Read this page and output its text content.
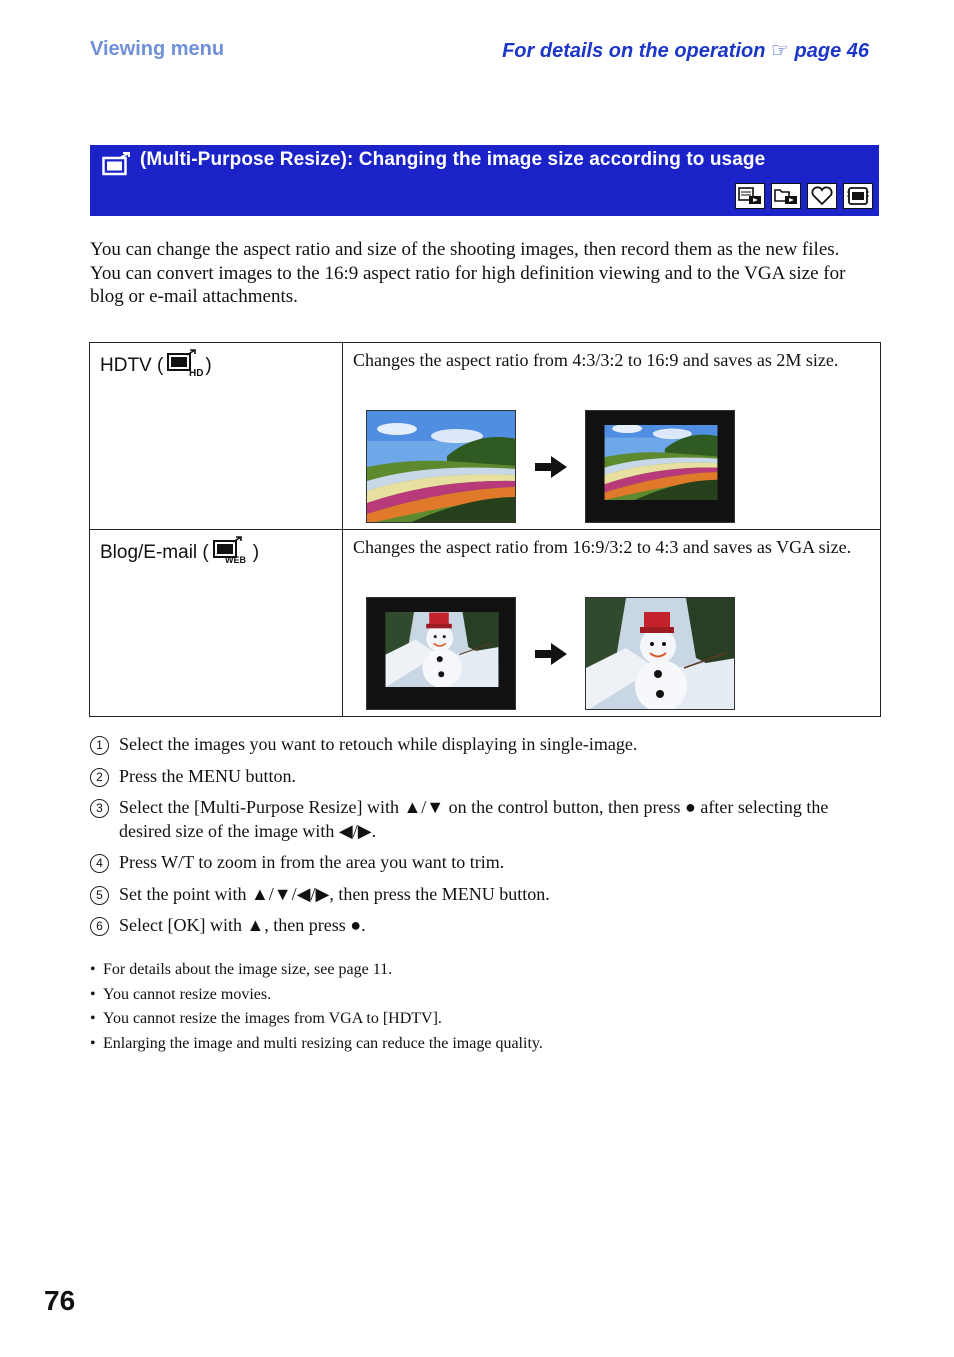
Viewing menu	For details on the operation ☞ page 46
(Multi-Purpose Resize): Changing the image size according to usage

You can change the aspect ratio and size of the shooting images, then record them as the new files.

You can convert images to the 16:9 aspect ratio for high definition viewing and to the VGA size for blog or e-mail attachments.

HDTV ( HD )	Changes the aspect ratio from 4:3/3:2 to 16:9 and saves as 2M size.

Blog/E-mail ( WEB )	Changes the aspect ratio from 16:9/3:2 to 4:3 and saves as VGA size.
1 Select the images you want to retouch while displaying in single-image.
2 Press the MENU button.
3 Select the [Multi-Purpose Resize] with ▲/▼ on the control button, then press ● after selecting the desired size of the image with ◀/▶.
4 Press W/T to zoom in from the area you want to trim.
5 Set the point with ▲/▼/◀/▶, then press the MENU button.
6 Select [OK] with ▲, then press ●.
• For details about the image size, see page 11.
• You cannot resize movies.
• You cannot resize the images from VGA to [HDTV].
• Enlarging the image and multi resizing can reduce the image quality.
76
